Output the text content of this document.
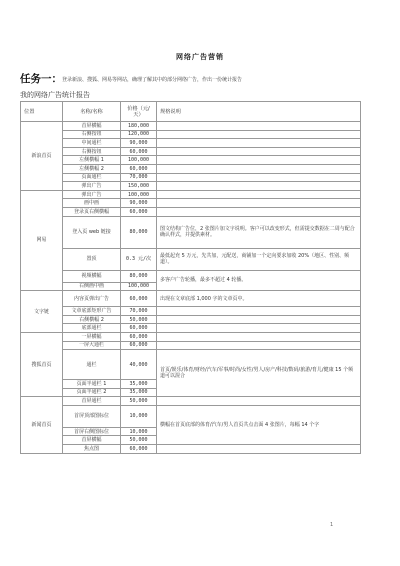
网络广告营销
任务一：登录新浪、搜狐、网易等网站，确理了解其中的部分网络广告，作出一份统计报告
我的网络广告统计报告
位置	名称/名称	价格（元/天）	规格说明
新浪首页	首屏横幅	180,000	
	右侧按钮	120,000	
	中间通栏	90,000	
	右侧按钮	60,000	
	左侧横幅 1	100,000	
	左侧横幅 2	60,000	
	页面通栏	70,000	
	弹出广告	150,000	
网易	弹出广告	100,000	
	画中画	90,000	
	登录页右侧横幅	60,000	
	登入页 web 链接	80,000	图文结构广告位，2 张图片加文字说明。客户可以改变形式，但需提交数据在二周与配合确认样式，并提供素材。
	置顶	0.3 元/次	最低起充 5 万元，先共加，元配送，商铺加一个定向要求加收 20%（地区、性别、频道）。
	视频横幅	80,000	多客户广告轮播，最多不超过 4 轮播。
	右侧画中画	100,000	
文字链	内容页弹出广告	60,000	出现在文章底部 1,000 字的文章页中。
	文章底部矩形广告	70,000	
	右侧横幅 2	50,000	
	底部通栏	60,000	
搜狐首页	一屏横幅	60,000	
	一屏大通栏	60,000	
	通栏	40,000	首页/娱乐/体育/财经/汽车/军事/时尚/女性/男人/房产/科技/数码/旅游/育儿/健康 15 个频道可以混合
	页面半通栏 1	35,000	
	页面半通栏 2	35,000	
新闻首页	首屏通栏	50,000	
	首屏顶部图标位	10,000	横幅在首页底部的体育/汽车/男人首页共点击面 4 张图片，每幅 14 个字
	首屏右侧图标位	10,000	
	首屏横幅	50,000	
	焦点图	60,000	
1
